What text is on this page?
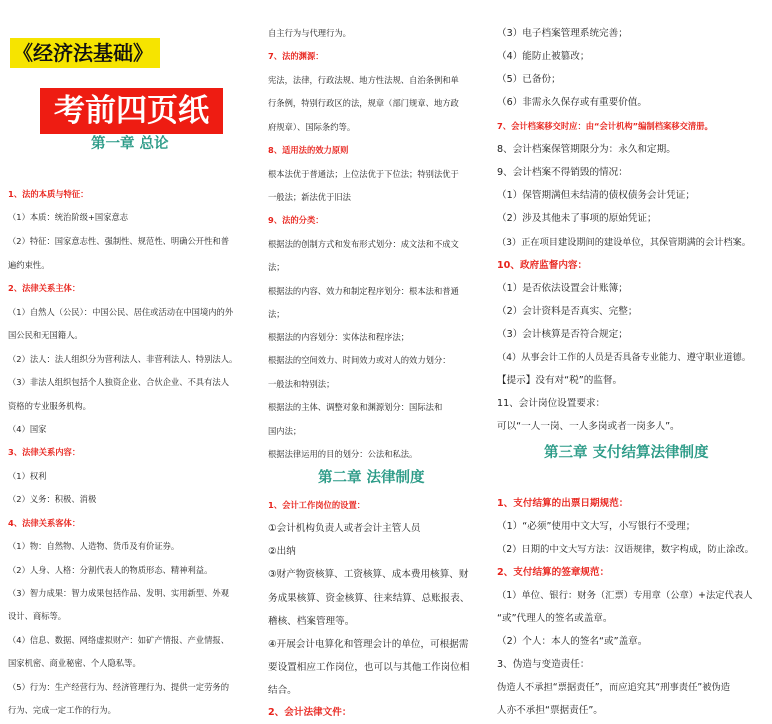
《经济法基础》
考前四页纸
第一章 总论
1、法的本质与特征：
（1）本质：统治阶级+国家意志
（2）特征：国家意志性、强制性、规范性、明确公开性和普
遍约束性。
2、法律关系主体：
（1）自然人（公民）：中国公民、居住或活动在中国境内的外
国公民和无国籍人。
（2）法人：法人组织分为营利法人、非营利法人、特别法人。
（3）非法人组织包括个人独资企业、合伙企业、不具有法人
资格的专业服务机构。
（4）国家
3、法律关系内容：
（1）权利
（2）义务：积极、消极
4、法律关系客体：
（1）物：自然物、人造物、货币及有价证券。
（2）人身、人格：分割代表人的物质形态、精神利益。
（3）智力成果：智力成果包括作品、发明、实用新型、外观
设计、商标等。
（4）信息、数据、网络虚拟财产：如矿产情报、产业情报、
国家机密、商业秘密、个人隐私等。
（5）行为：生产经营行为、经济管理行为、提供一定劳务的
行为、完成一定工作的行为。
自主行为与代理行为。
7、法的渊源：
宪法，法律，行政法规、地方性法规、自治条例和单
行条例，特别行政区的法，规章（部门规章、地方政
府规章）、国际条约等。
8、适用法的效力原则
根本法优于普通法；上位法优于下位法；特别法优于
一般法；新法优于旧法
9、法的分类：
根据法的创制方式和发布形式划分：成文法和不成文
法；
根据法的内容、效力和制定程序划分：根本法和普通
法；
根据法的内容划分：实体法和程序法；
根据法的空间效力、时间效力或对人的效力划分：
一般法和特别法；
根据法的主体、调整对象和渊源划分：国际法和
国内法；
根据法律运用的目的划分：公法和私法。
第二章 法律制度
1、会计工作岗位的设置：
①会计机构负责人或者会计主管人员
②出纳
③财产物资核算、工资核算、成本费用核算、财
务成果核算、资金核算、往来结算、总账报表、
稽核、档案管理等。
④开展会计电算化和管理会计的单位，可根据需
要设置相应工作岗位，也可以与其他工作岗位相
结合。
2、会计法律文件：
（3）电子档案管理系统完善；
（4）能防止被篡改；
（5）已备份；
（6）非需永久保存或有重要价值。
7、会计档案移交时应：由“会计机构”编制档案移交清册。
8、会计档案保管期限分为：永久和定期。
9、会计档案不得销毁的情况：
（1）保管期满但未结清的债权债务会计凭证；
（2）涉及其他未了事项的原始凭证；
（3）正在项目建设期间的建设单位，其保管期满的会计档案。
10、政府监督内容：
（1）是否依法设置会计账簿；
（2）会计资料是否真实、完整；
（3）会计核算是否符合规定；
（4）从事会计工作的人员是否具备专业能力、遵守职业道德。
【提示】没有对“税”的监督。
11、会计岗位设置要求：
可以“一人一岗、一人多岗或者一岗多人”。
第三章 支付结算法律制度
1、支付结算的出票日期规范：
（1）“必须”使用中文大写，小写银行不受理；
（2）日期的中文大写方法：汉语规律，数字构成，防止涂改。
2、支付结算的签章规范：
（1）单位、银行：财务（汇票）专用章（公章）+法定代表人
“或”代理人的签名或盖章。
（2）个人：本人的签名“或”盖章。
3、伪造与变造责任：
伪造人不承担“票据责任”，而应追究其“刑事责任”被伪造
人亦不承担“票据责任”。
